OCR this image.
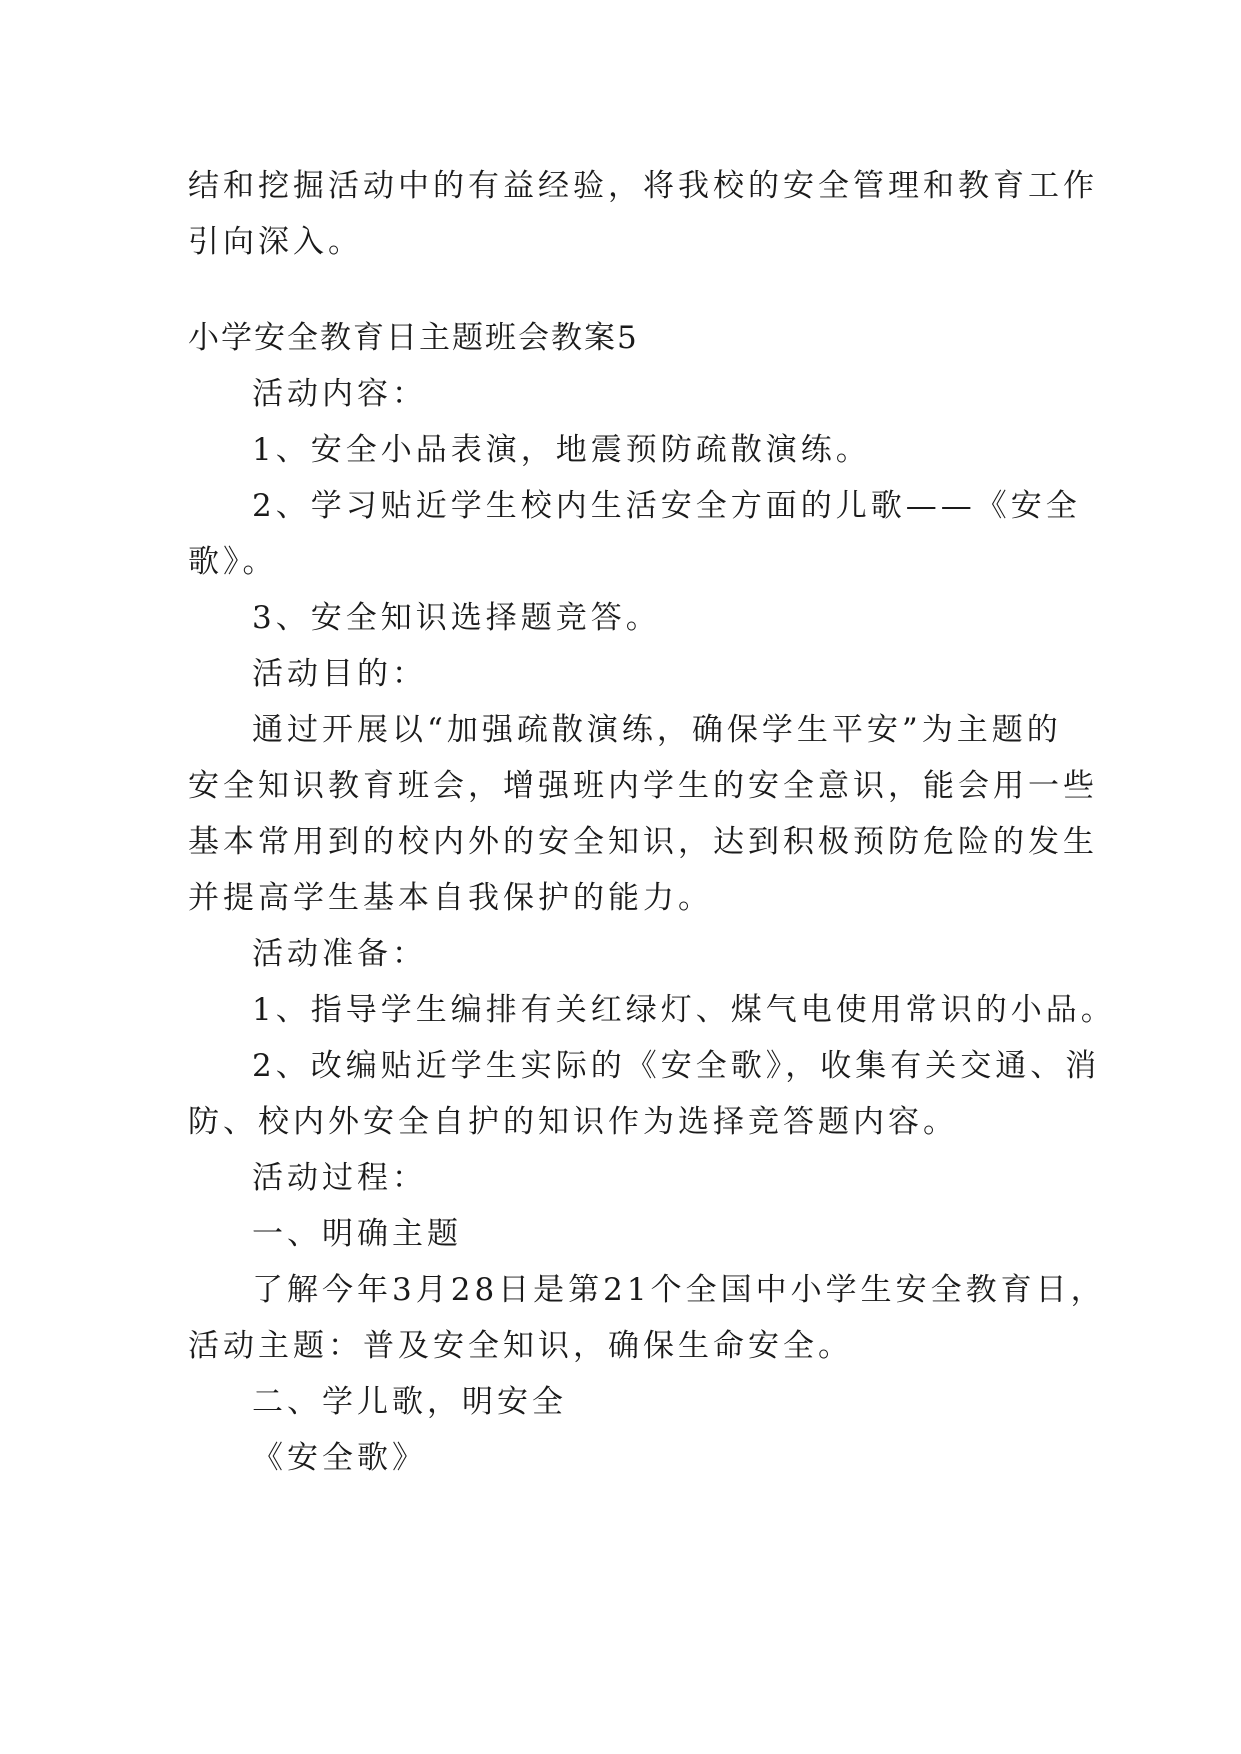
结和挖掘活动中的有益经验，将我校的安全管理和教育工作
引向深入。
小学安全教育日主题班会教案5
活动内容：
1、安全小品表演，地震预防疏散演练。
2、学习贴近学生校内生活安全方面的儿歌——《安全
歌》。
3、安全知识选择题竞答。
活动目的：
通过开展以“加强疏散演练，确保学生平安”为主题的
安全知识教育班会，增强班内学生的安全意识，能会用一些
基本常用到的校内外的安全知识，达到积极预防危险的发生
并提高学生基本自我保护的能力。
活动准备：
1、指导学生编排有关红绿灯、煤气电使用常识的小品。
2、改编贴近学生实际的《安全歌》，收集有关交通、消
防、校内外安全自护的知识作为选择竞答题内容。
活动过程：
一、明确主题
了解今年3月28日是第21个全国中小学生安全教育日，
活动主题：普及安全知识，确保生命安全。
二、学儿歌，明安全
《安全歌》
